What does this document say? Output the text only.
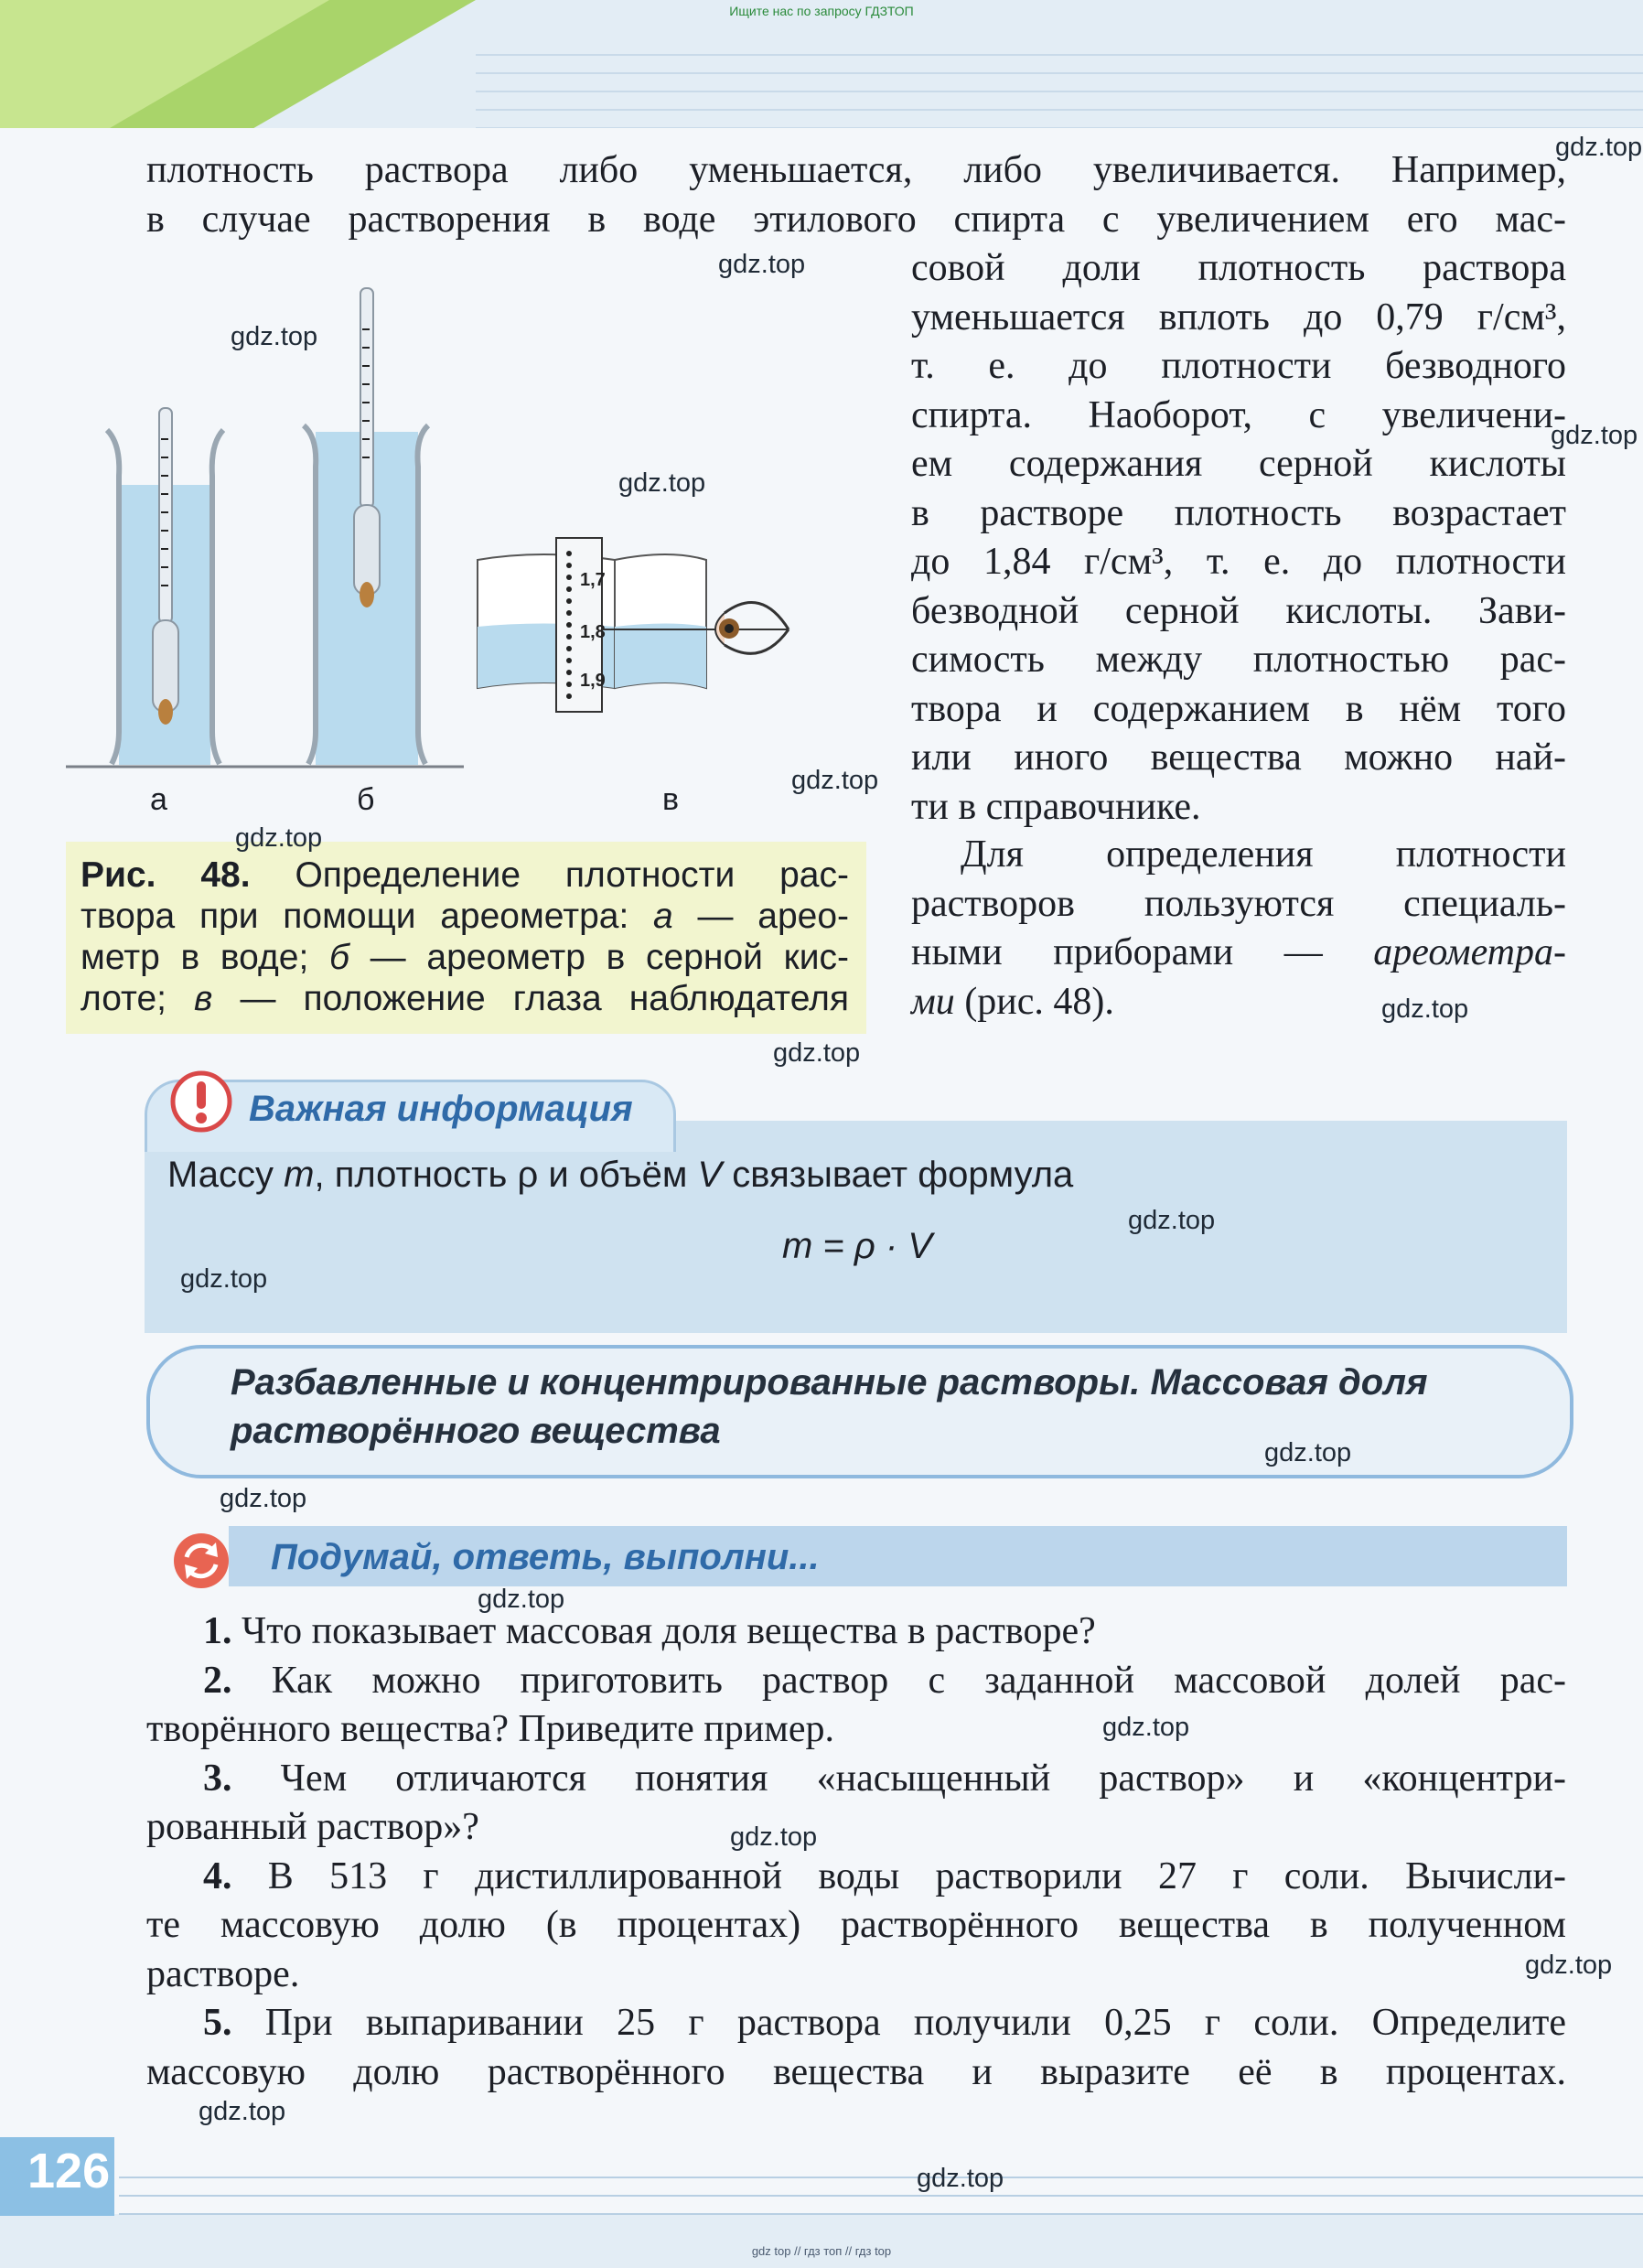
Ищите нас по запросу ГДЗТОП
плотность раствора либо уменьшается, либо увеличивается. Например,
в случае растворения в воде этилового спирта с увеличением его мас-
совой доли плотность раствора
уменьшается вплоть до 0,79 г/см³,
т. е. до плотности безводного
спирта. Наоборот, с увеличени-
ем содержания серной кислоты
в растворе плотность возрастает
до 1,84 г/см³, т. е. до плотности
безводной серной кислоты. Зави-
симость между плотностью рас-
твора и содержанием в нём того
или иного вещества можно най-
ти в справочнике.
Для определения плотности
растворов пользуются специаль-
ными приборами — ареометра-
ми (рис. 48).
1,7
1,8
1,9
а	б	в
Рис. 48. Определение плотности рас-
твора при помощи ареометра: а — арео-
метр в воде; б — ареометр в серной кис-
лоте; в — положение глаза наблюдателя
Важная информация
Массу m, плотность ρ и объём V связывает формула
m = ρ · V
Разбавленные и концентрированные растворы. Массовая доля
растворённого вещества
Подумай, ответь, выполни...
1. Что показывает массовая доля вещества в растворе?
2. Как можно приготовить раствор с заданной массовой долей рас-
творённого вещества? Приведите пример.
3. Чем отличаются понятия «насыщенный раствор» и «концентри-
рованный раствор»?
4. В 513 г дистиллированной воды растворили 27 г соли. Вычисли-
те массовую долю (в процентах) растворённого вещества в полученном
растворе.
5. При выпаривании 25 г раствора получили 0,25 г соли. Определите
массовую долю растворённого вещества и выразите её в процентах.
126
gdz.top
gdz.top
gdz.top
gdz.top
gdz.top
gdz.top
gdz.top
gdz.top
gdz.top
gdz.top
gdz.top
gdz.top
gdz.top
gdz.top
gdz.top
gdz.top
gdz.top
gdz.top
gdz.top
gdz top // гдз топ // гдз top
